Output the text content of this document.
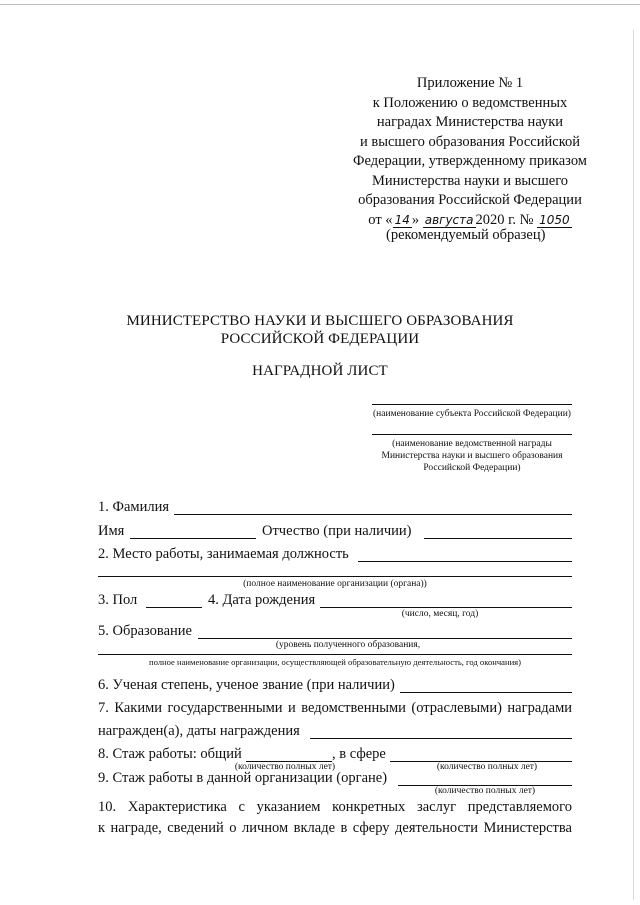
Приложение № 1
к Положению о ведомственных
наградах Министерства науки
и высшего образования Российской
Федерации, утвержденному приказом
Министерства науки и высшего
образования Российской Федерации
от « 14 » августа 2020 г. № 1050
(рекомендуемый образец)
МИНИСТЕРСТВО НАУКИ И ВЫСШЕГО ОБРАЗОВАНИЯ
РОССИЙСКОЙ ФЕДЕРАЦИИ
НАГРАДНОЙ ЛИСТ
(наименование субъекта Российской Федерации)
(наименование ведомственной награды
Министерства науки и высшего образования
Российской Федерации)
1. Фамилия
Имя	Отчество (при наличии)
2. Место работы, занимаемая должность
(полное наименование организации (органа))
3. Пол	4. Дата рождения
(число, месяц, год)
5. Образование
(уровень полученного образования,
полное наименование организации, осуществляющей образовательную деятельность, год окончания)
6. Ученая степень, ученое звание (при наличии)
7. Какими государственными и ведомственными (отраслевыми) наградами
награжден(а), даты награждения
8. Стаж работы: общий	, в сфере
(количество полных лет)	(количество полных лет)
9. Стаж работы в данной организации (органе)
(количество полных лет)
10. Характеристика с указанием конкретных заслуг представляемого
к награде, сведений о личном вкладе в сферу деятельности Министерства
